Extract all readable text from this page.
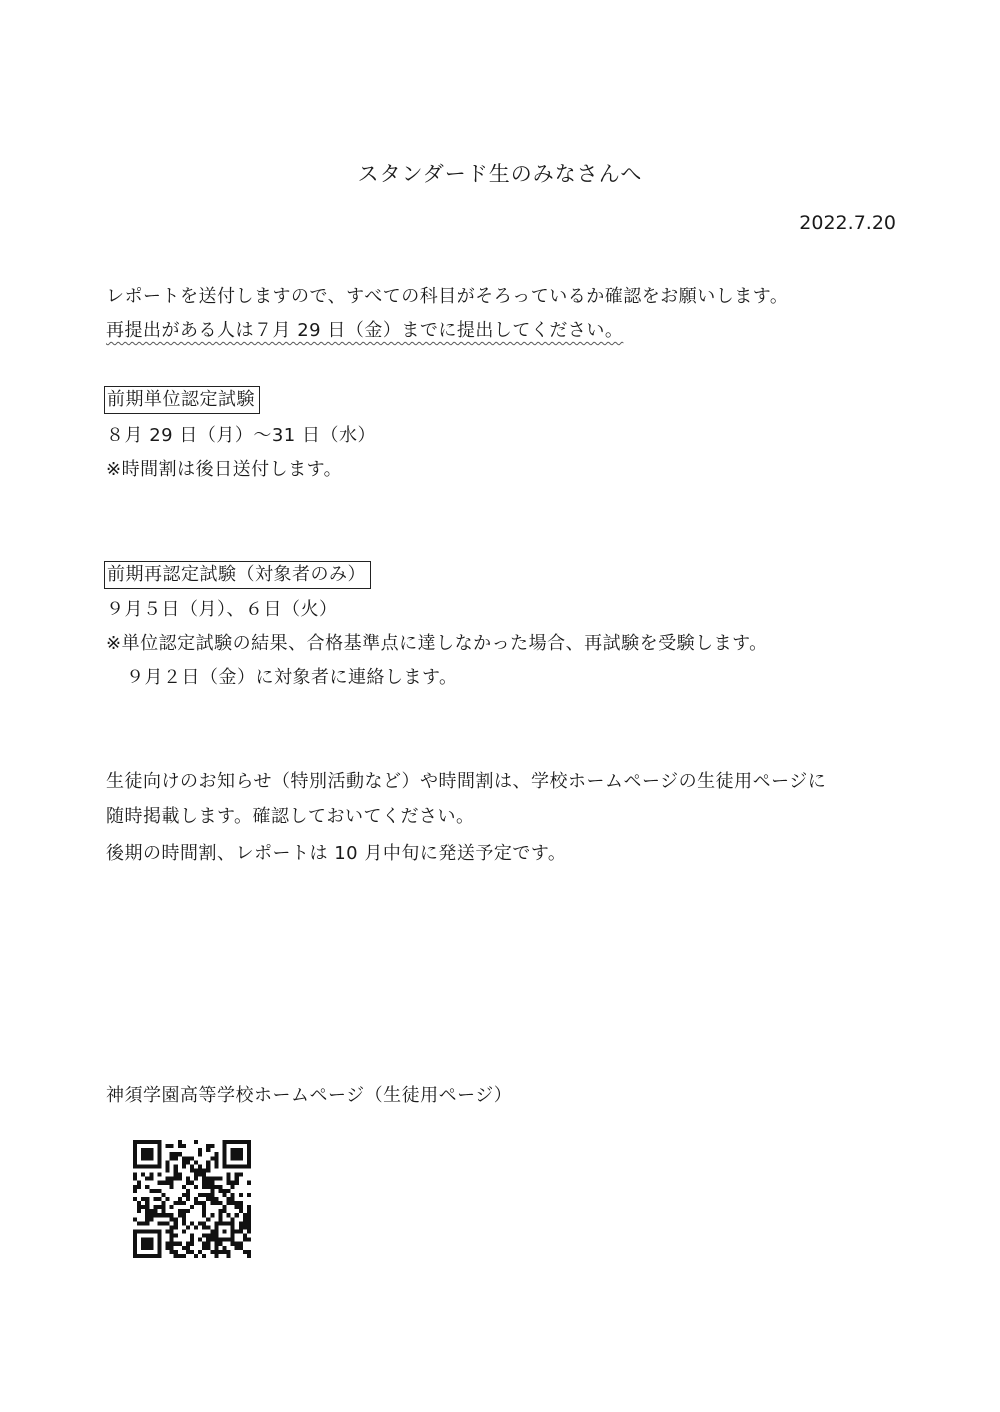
スタンダード生のみなさんへ
2022.7.20
レポートを送付しますので、すべての科目がそろっているか確認をお願いします。
再提出がある人は７月 29 日（金）までに提出してください。
前期単位認定試験
８月 29 日（月）～31 日（水）
※時間割は後日送付します。
前期再認定試験（対象者のみ）
９月５日（月）、６日（火）
※単位認定試験の結果、合格基準点に達しなかった場合、再試験を受験します。
９月２日（金）に対象者に連絡します。
生徒向けのお知らせ（特別活動など）や時間割は、学校ホームページの生徒用ページに
随時掲載します。確認しておいてください。
後期の時間割、レポートは 10 月中旬に発送予定です。
神須学園高等学校ホームページ（生徒用ページ）
